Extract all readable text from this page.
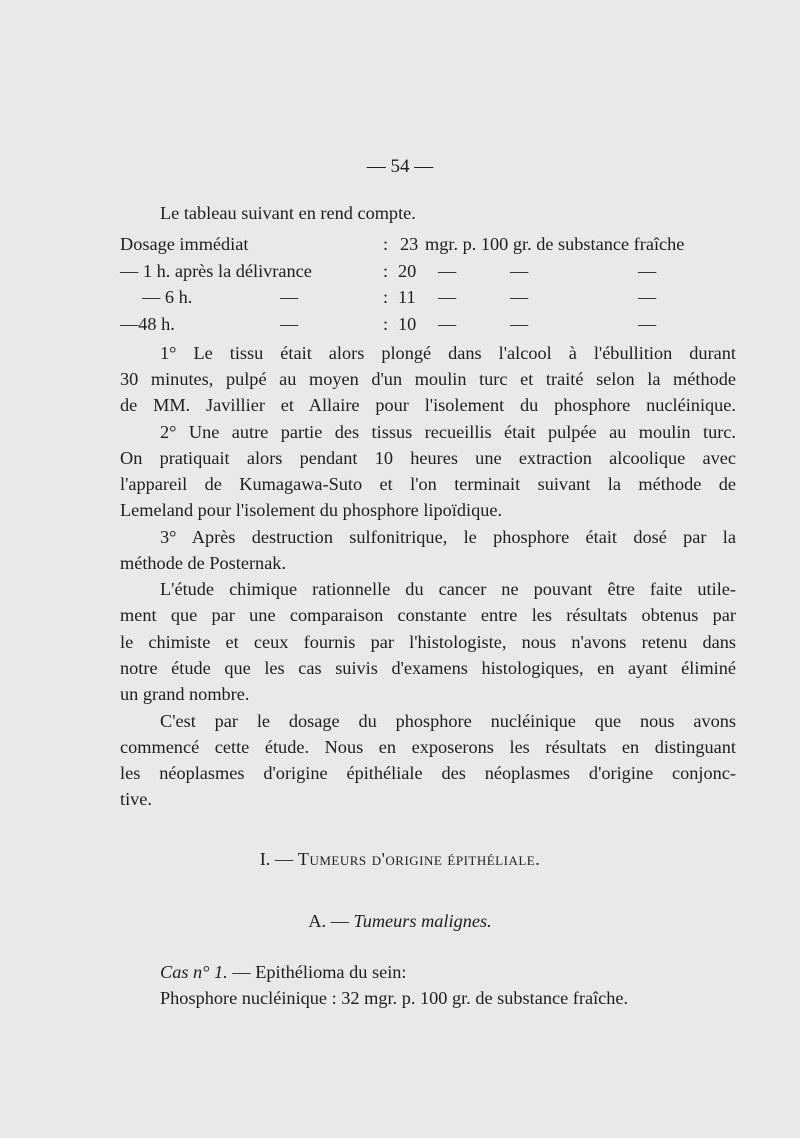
— 54 —
Le tableau suivant en rend compte.
Dosage immédiat	: 23 mgr. p. 100 gr. de substance fraîche
— 1 h. après la délivrance	: 20 —	—	—
— 6 h.	—	: 11 —	—	—
—48 h.	—	: 10 —	—	—
1° Le tissu était alors plongé dans l'alcool à l'ébullition durant
30 minutes, pulpé au moyen d'un moulin turc et traité selon la méthode
de MM. Javillier et Allaire pour l'isolement du phosphore nucléinique.
2° Une autre partie des tissus recueillis était pulpée au moulin turc.
On pratiquait alors pendant 10 heures une extraction alcoolique avec
l'appareil de Kumagawa-Suto et l'on terminait suivant la méthode de
Lemeland pour l'isolement du phosphore lipoïdique.
3° Après destruction sulfonitrique, le phosphore était dosé par la
méthode de Posternak.
L'étude chimique rationnelle du cancer ne pouvant être faite utile-
ment que par une comparaison constante entre les résultats obtenus par
le chimiste et ceux fournis par l'histologiste, nous n'avons retenu dans
notre étude que les cas suivis d'examens histologiques, en ayant éliminé
un grand nombre.
C'est par le dosage du phosphore nucléinique que nous avons
commencé cette étude. Nous en exposerons les résultats en distinguant
les néoplasmes d'origine épithéliale des néoplasmes d'origine conjonc-
tive.
I. — Tumeurs d'origine épithéliale.
A. — Tumeurs malignes.
Cas n° 1. — Epithélioma du sein:
Phosphore nucléinique : 32 mgr. p. 100 gr. de substance fraîche.
